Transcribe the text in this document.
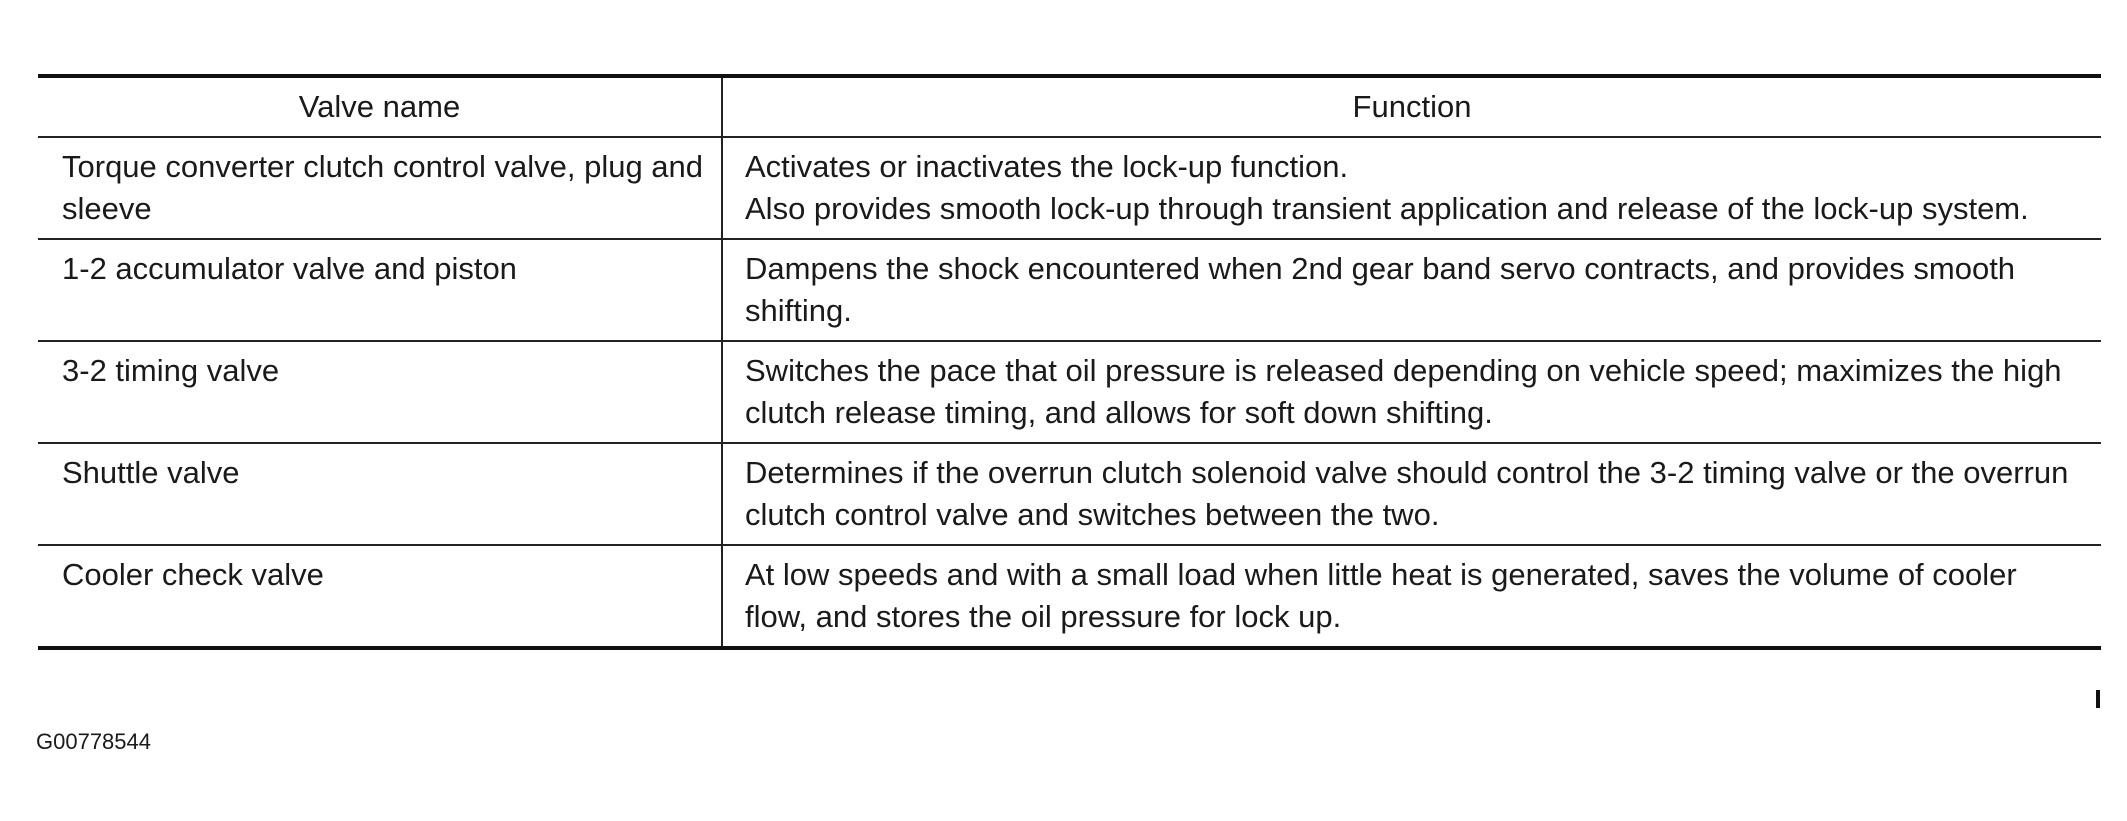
Valve name	Function
Torque converter clutch control valve, plug and sleeve	Activates or inactivates the lock-up function.
Also provides smooth lock-up through transient application and release of the lock-up system.

1-2 accumulator valve and piston	Dampens the shock encountered when 2nd gear band servo contracts, and provides smooth shifting.

3-2 timing valve	Switches the pace that oil pressure is released depending on vehicle speed; maximizes the high clutch release timing, and allows for soft down shifting.

Shuttle valve	Determines if the overrun clutch solenoid valve should control the 3-2 timing valve or the overrun clutch control valve and switches between the two.

Cooler check valve	At low speeds and with a small load when little heat is generated, saves the volume of cooler flow, and stores the oil pressure for lock up.
G00778544
